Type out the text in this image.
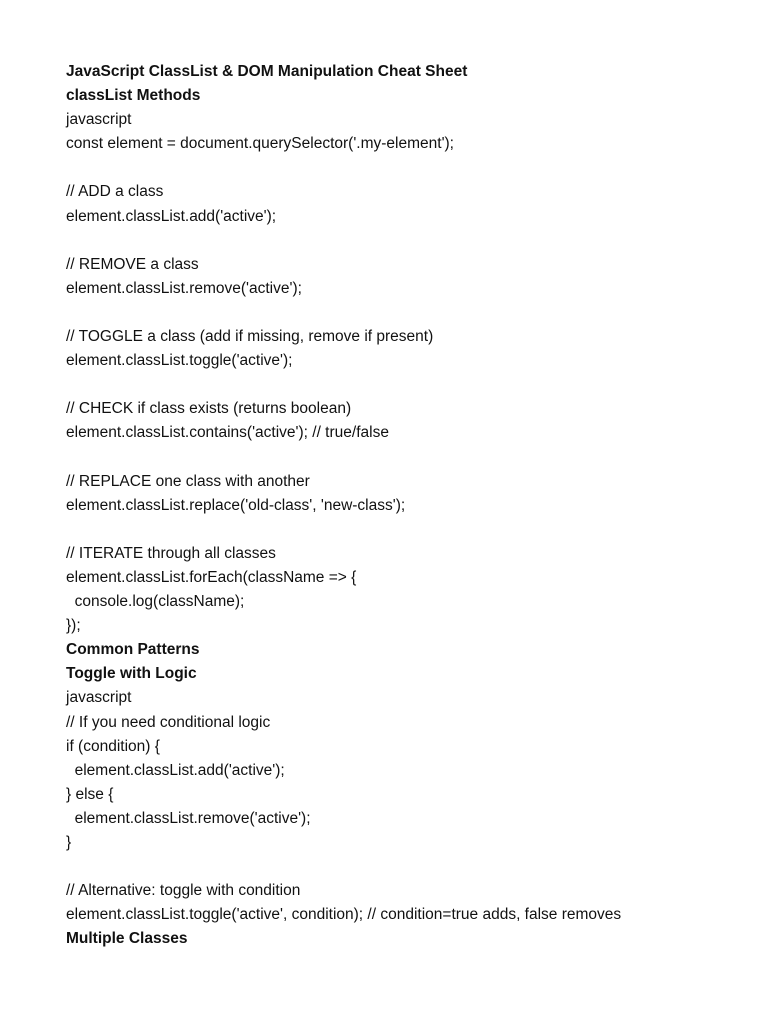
JavaScript ClassList & DOM Manipulation Cheat Sheet
classList Methods
javascript
const element = document.querySelector('.my-element');
// ADD a class
element.classList.add('active');
// REMOVE a class
element.classList.remove('active');
// TOGGLE a class (add if missing, remove if present)
element.classList.toggle('active');
// CHECK if class exists (returns boolean)
element.classList.contains('active'); // true/false
// REPLACE one class with another
element.classList.replace('old-class', 'new-class');
// ITERATE through all classes
element.classList.forEach(className => {
console.log(className);
});
Common Patterns
Toggle with Logic
javascript
// If you need conditional logic
if (condition) {
element.classList.add('active');
} else {
element.classList.remove('active');
}
// Alternative: toggle with condition
element.classList.toggle('active', condition); // condition=true adds, false removes
Multiple Classes
